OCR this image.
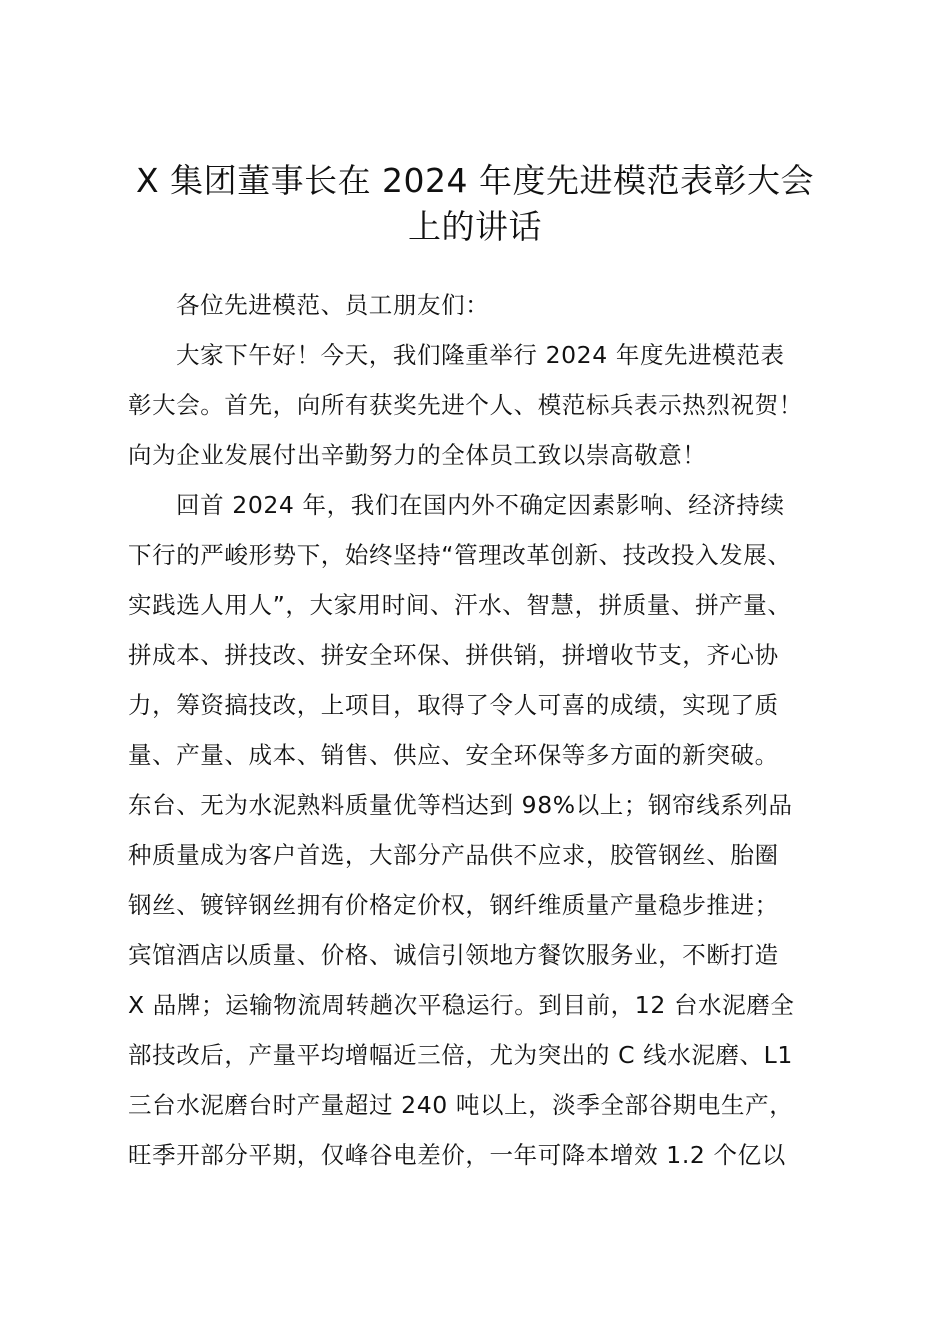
X 集团董事长在 2024 年度先进模范表彰大会
上的讲话
各位先进模范、员工朋友们：
大家下午好！今天，我们隆重举行 2024 年度先进模范表
彰大会。首先，向所有获奖先进个人、模范标兵表示热烈祝贺！
向为企业发展付出辛勤努力的全体员工致以崇高敬意！
回首 2024 年，我们在国内外不确定因素影响、经济持续
下行的严峻形势下，始终坚持“管理改革创新、技改投入发展、
实践选人用人”，大家用时间、汗水、智慧，拼质量、拼产量、
拼成本、拼技改、拼安全环保、拼供销，拼增收节支，齐心协
力，筹资搞技改，上项目，取得了令人可喜的成绩，实现了质
量、产量、成本、销售、供应、安全环保等多方面的新突破。
东台、无为水泥熟料质量优等档达到 98%以上；钢帘线系列品
种质量成为客户首选，大部分产品供不应求，胶管钢丝、胎圈
钢丝、镀锌钢丝拥有价格定价权，钢纤维质量产量稳步推进；
宾馆酒店以质量、价格、诚信引领地方餐饮服务业，不断打造
X 品牌；运输物流周转趟次平稳运行。到目前，12 台水泥磨全
部技改后，产量平均增幅近三倍，尤为突出的 C 线水泥磨、L1
三台水泥磨台时产量超过 240 吨以上，淡季全部谷期电生产，
旺季开部分平期，仅峰谷电差价，一年可降本增效 1.2 个亿以
